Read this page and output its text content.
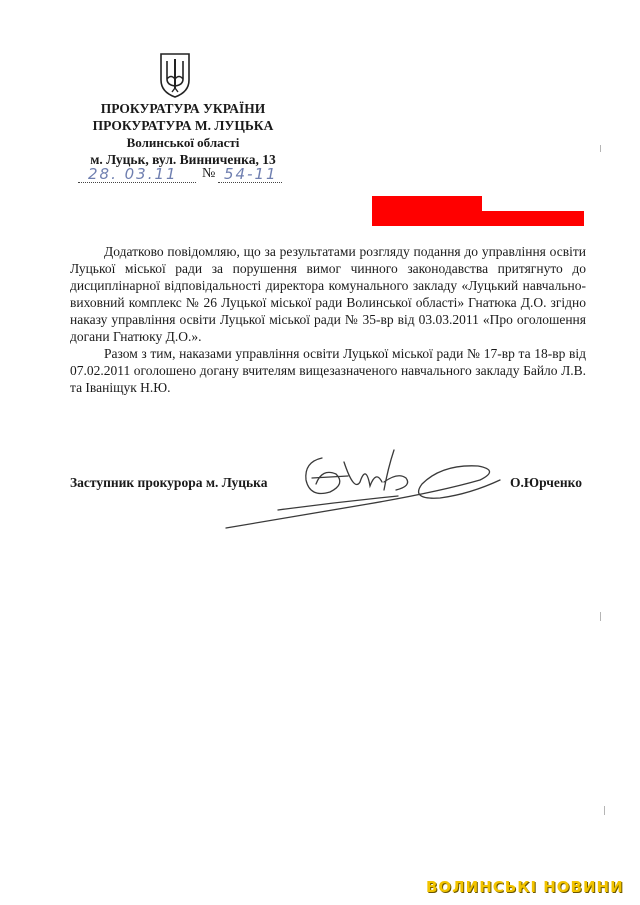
ПРОКУРАТУРА УКРАЇНИ
ПРОКУРАТУРА М. ЛУЦЬКА
Волинської області
м. Луцьк, вул. Винниченка, 13
28. 03.11 № 54-11

Додатково повідомляю, що за результатами розгляду подання до управління освіти Луцької міської ради за порушення вимог чинного законодавства притягнуто до дисциплінарної відповідальності директора комунального закладу «Луцький навчально-виховний комплекс № 26 Луцької міської ради Волинської області» Гнатюка Д.О. згідно наказу управління освіти Луцької міської ради № 35-вр від 03.03.2011 «Про оголошення догани Гнатюку Д.О.».

Разом з тим, наказами управління освіти Луцької міської ради № 17-вр та 18-вр від 07.02.2011 оголошено догану вчителям вищезазначеного навчального закладу Байло Л.В. та Іваніщук Н.Ю.

Заступник прокурора м. Луцька	О.Юрченко
ВОЛИНСЬКІ НОВИНИ
